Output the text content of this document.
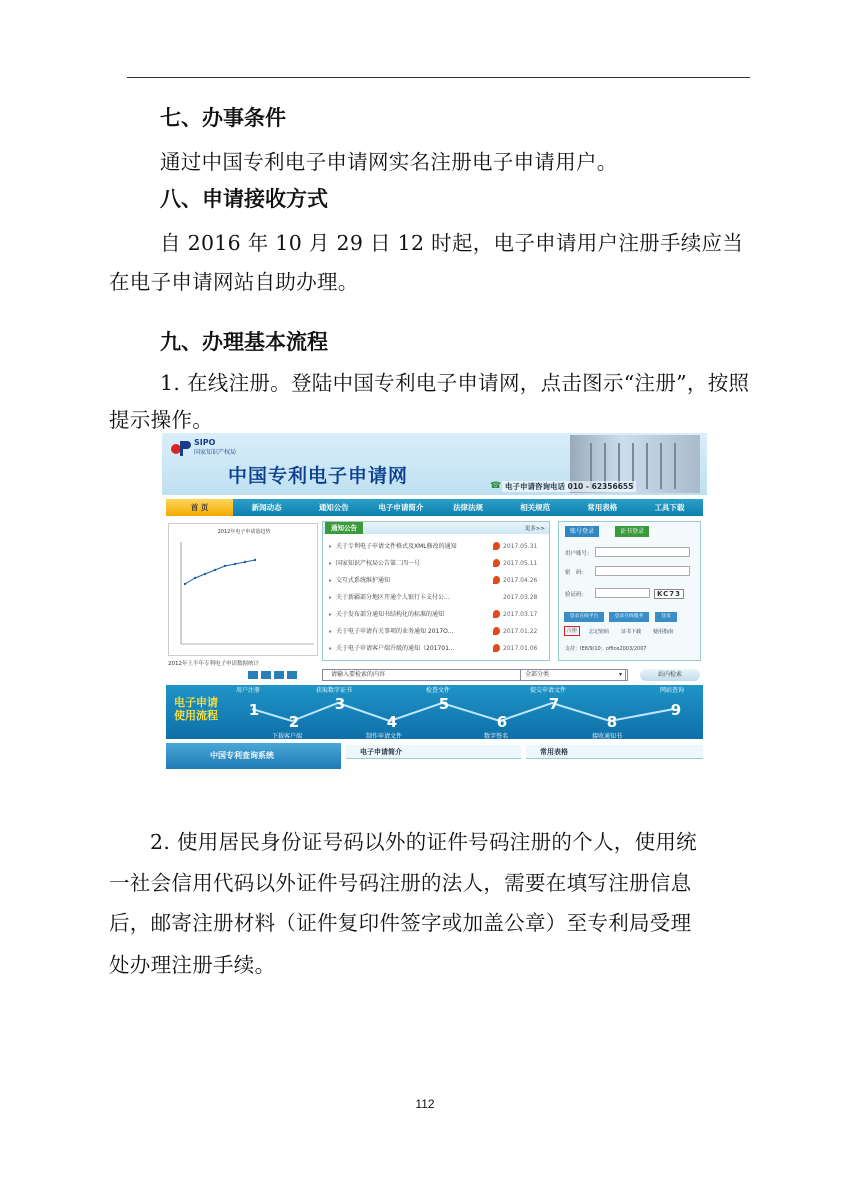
七、办事条件
通过中国专利电子申请网实名注册电子申请用户。
八、申请接收方式
自 2016 年 10 月 29 日 12 时起，电子申请用户注册手续应当
在电子申请网站自助办理。
九、办理基本流程
1. 在线注册。登陆中国专利电子申请网，点击图示“注册”，按照
提示操作。
SIPO
国家知识产权局
中国专利电子申请网	☎ 电子申请咨询电话 010 - 62356655
首 页	新闻动态	通知公告	电子申请简介	法律法规	相关规范	常用表格	工具下载
2012年电子申请量趋势
2012年上半年专利电子申请数据统计
通知公告	更多>>
▸ 关于专利电子申请文件格式及XML修改的通知	2017.05.31
▸ 国家知识产权局公告第二四一号	2017.05.11
▸ 交互式系统维护通知	2017.04.26
▸ 关于新疆部分地区开通个人银行卡支付公...	2017.03.28
▸ 关于发布部分通知书结构化的标准的通知	2017.03.17
▸ 关于电子申请有关事项的业务通知 2017O...	2017.01.22
▸ 关于电子申请客户端升级的通知（201701...	2017.01.06
账号登录	证书登录
用户账号：
密　码：
验证码：	KC73
登录在线平台	登录在线服务	登录
注册	忘记密码 证书下载 使用指南
支持：IE8/9/10；office2003/2007
请输入要检索的内容	全部分类	▾	站内检索
电子申请
使用流程 1
用户注册
2
下载客户端
3
获取数字证书
4
制作申请文件
5
检查文件
6
数字签名
7
提交申请文件
8
接收通知书
9
网站查询
中国专利查询系统	电子申请简介	常用表格
2. 使用居民身份证号码以外的证件号码注册的个人，使用统
一社会信用代码以外证件号码注册的法人，需要在填写注册信息
后，邮寄注册材料（证件复印件签字或加盖公章）至专利局受理
处办理注册手续。
112
